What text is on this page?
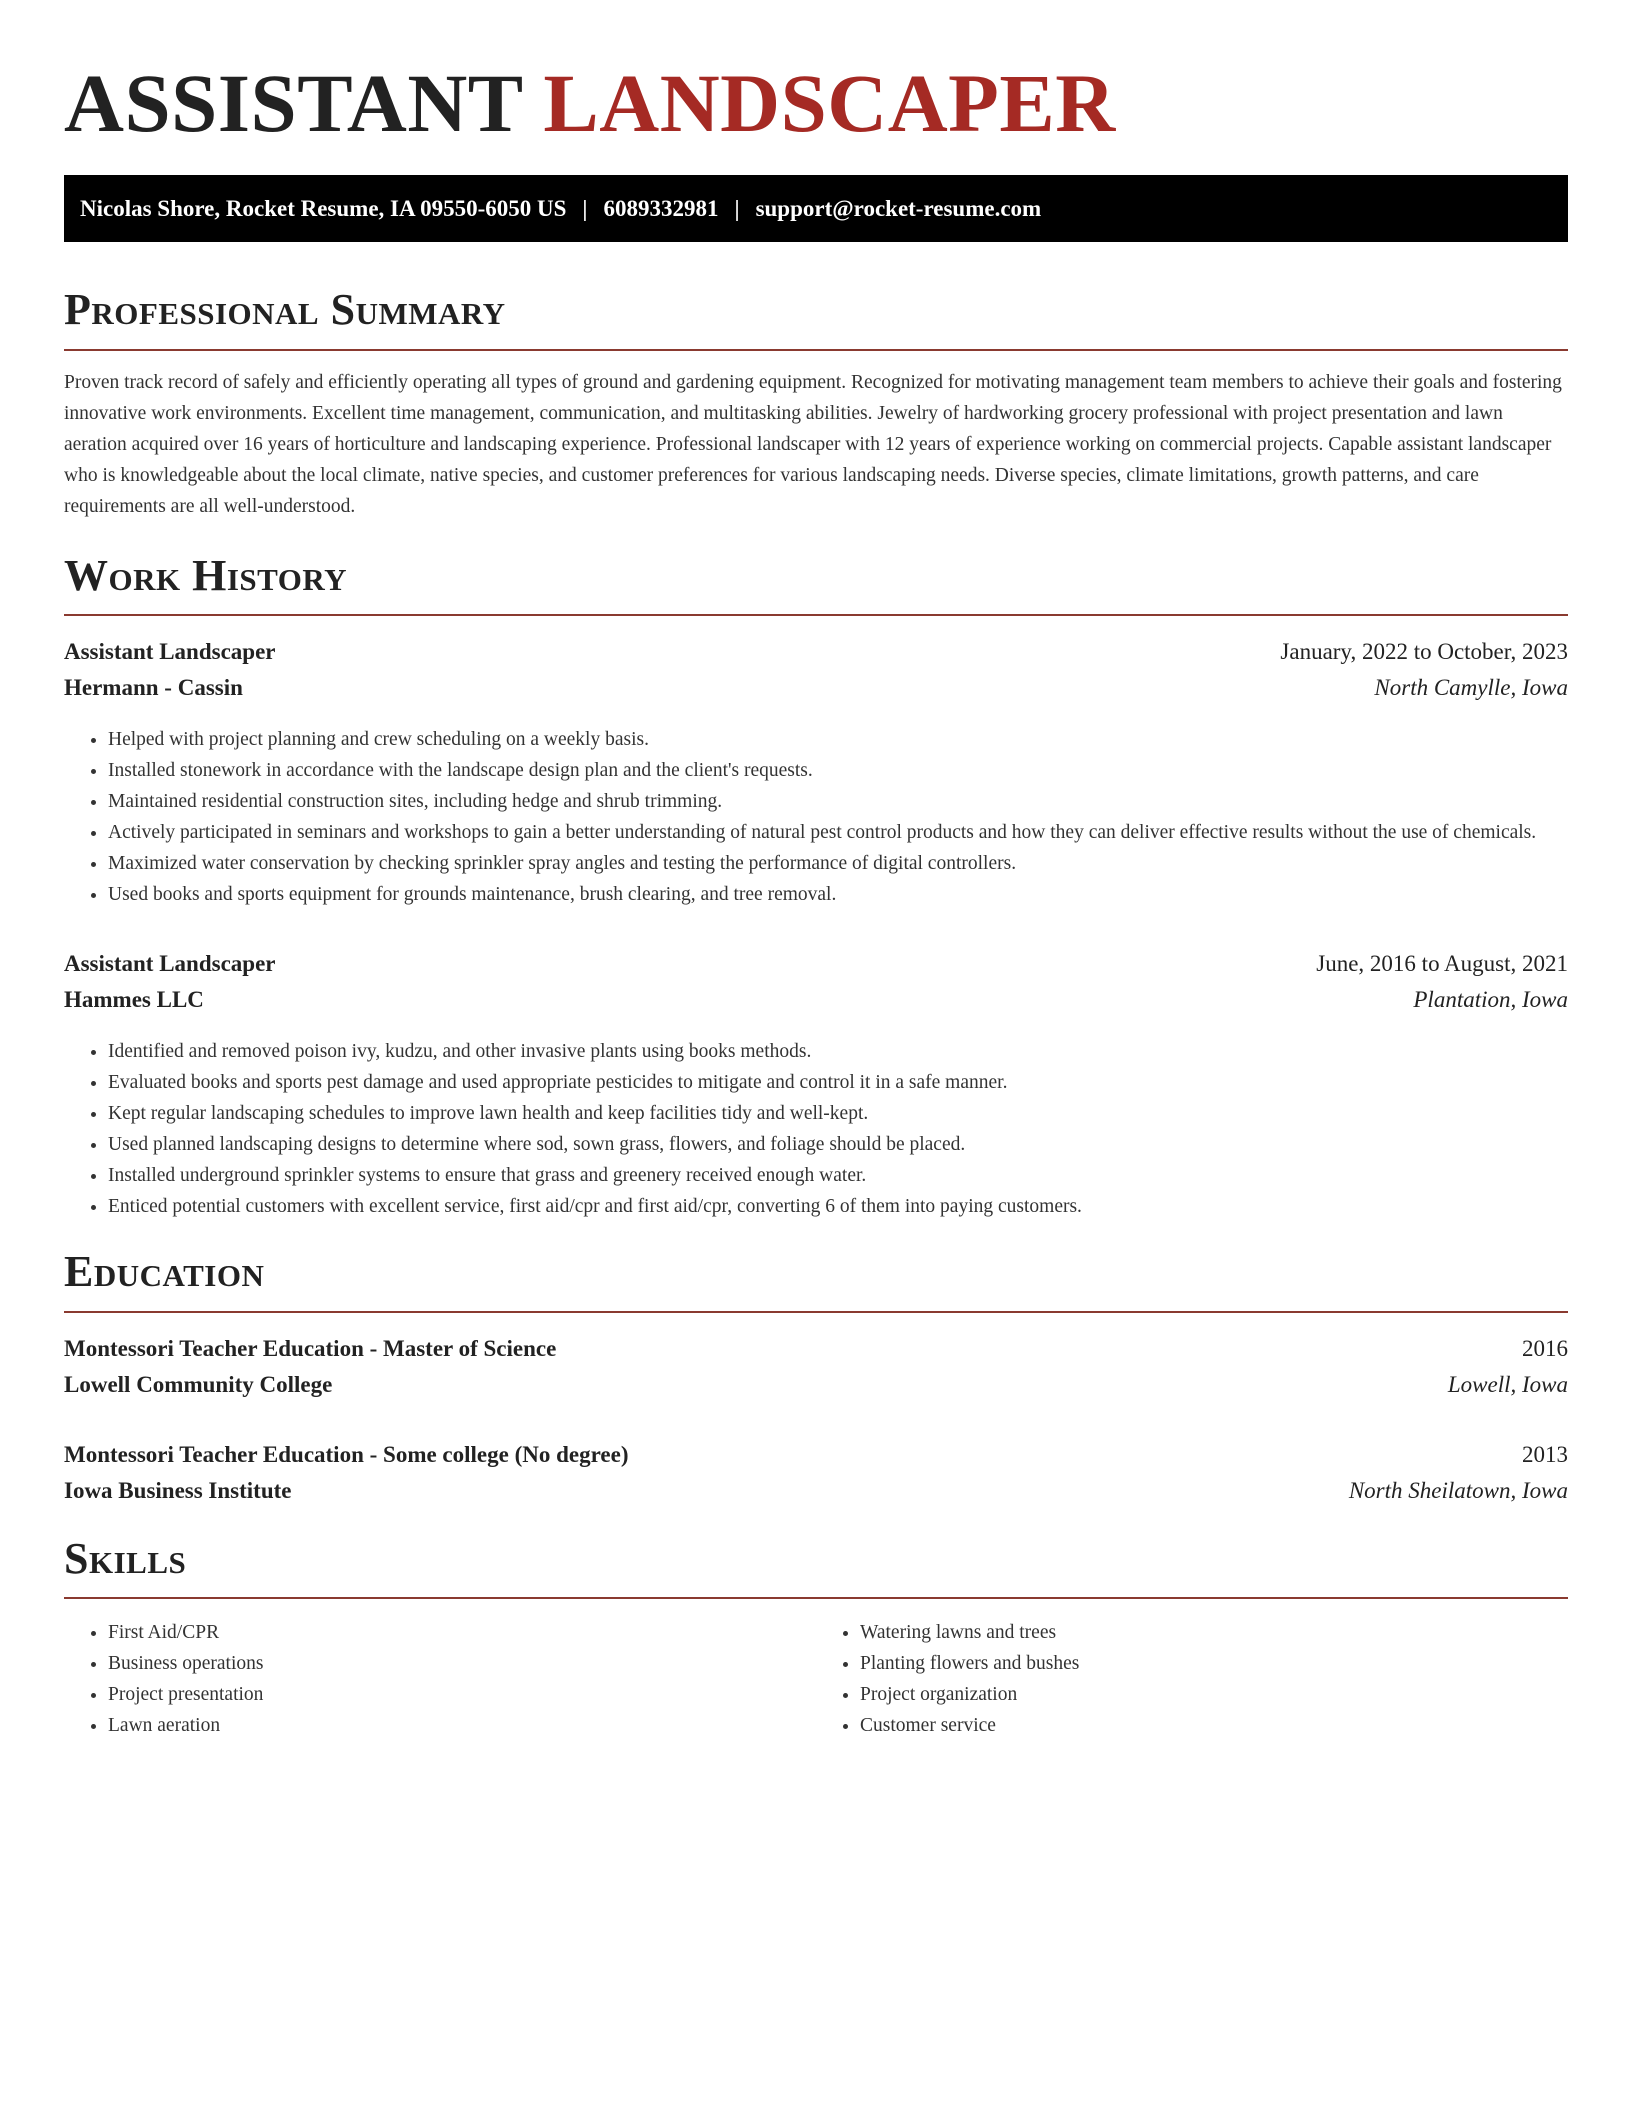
ASSISTANT LANDSCAPER
Nicolas Shore, Rocket Resume, IA 09550-6050 US | 6089332981 | support@rocket-resume.com
Professional Summary

Proven track record of safely and efficiently operating all types of ground and gardening equipment. Recognized for motivating management team members to achieve their goals and fostering innovative work environments. Excellent time management, communication, and multitasking abilities. Jewelry of hardworking grocery professional with project presentation and lawn aeration acquired over 16 years of horticulture and landscaping experience. Professional landscaper with 12 years of experience working on commercial projects. Capable assistant landscaper who is knowledgeable about the local climate, native species, and customer preferences for various landscaping needs. Diverse species, climate limitations, growth patterns, and care requirements are all well-understood.

Work History
Assistant Landscaper	January, 2022 to October, 2023
Hermann - Cassin	North Camylle, Iowa
• Helped with project planning and crew scheduling on a weekly basis.
• Installed stonework in accordance with the landscape design plan and the client's requests.
• Maintained residential construction sites, including hedge and shrub trimming.
• Actively participated in seminars and workshops to gain a better understanding of natural pest control products and how they can deliver effective results without the use of chemicals.
• Maximized water conservation by checking sprinkler spray angles and testing the performance of digital controllers.
• Used books and sports equipment for grounds maintenance, brush clearing, and tree removal.
Assistant Landscaper	June, 2016 to August, 2021
Hammes LLC	Plantation, Iowa
• Identified and removed poison ivy, kudzu, and other invasive plants using books methods.
• Evaluated books and sports pest damage and used appropriate pesticides to mitigate and control it in a safe manner.
• Kept regular landscaping schedules to improve lawn health and keep facilities tidy and well-kept.
• Used planned landscaping designs to determine where sod, sown grass, flowers, and foliage should be placed.
• Installed underground sprinkler systems to ensure that grass and greenery received enough water.
• Enticed potential customers with excellent service, first aid/cpr and first aid/cpr, converting 6 of them into paying customers.
Education
Montessori Teacher Education - Master of Science	2016
Lowell Community College	Lowell, Iowa
Montessori Teacher Education - Some college (No degree)	2013
Iowa Business Institute	North Sheilatown, Iowa
Skills
• First Aid/CPR
• Business operations
• Project presentation
• Lawn aeration
• Watering lawns and trees
• Planting flowers and bushes
• Project organization
• Customer service
